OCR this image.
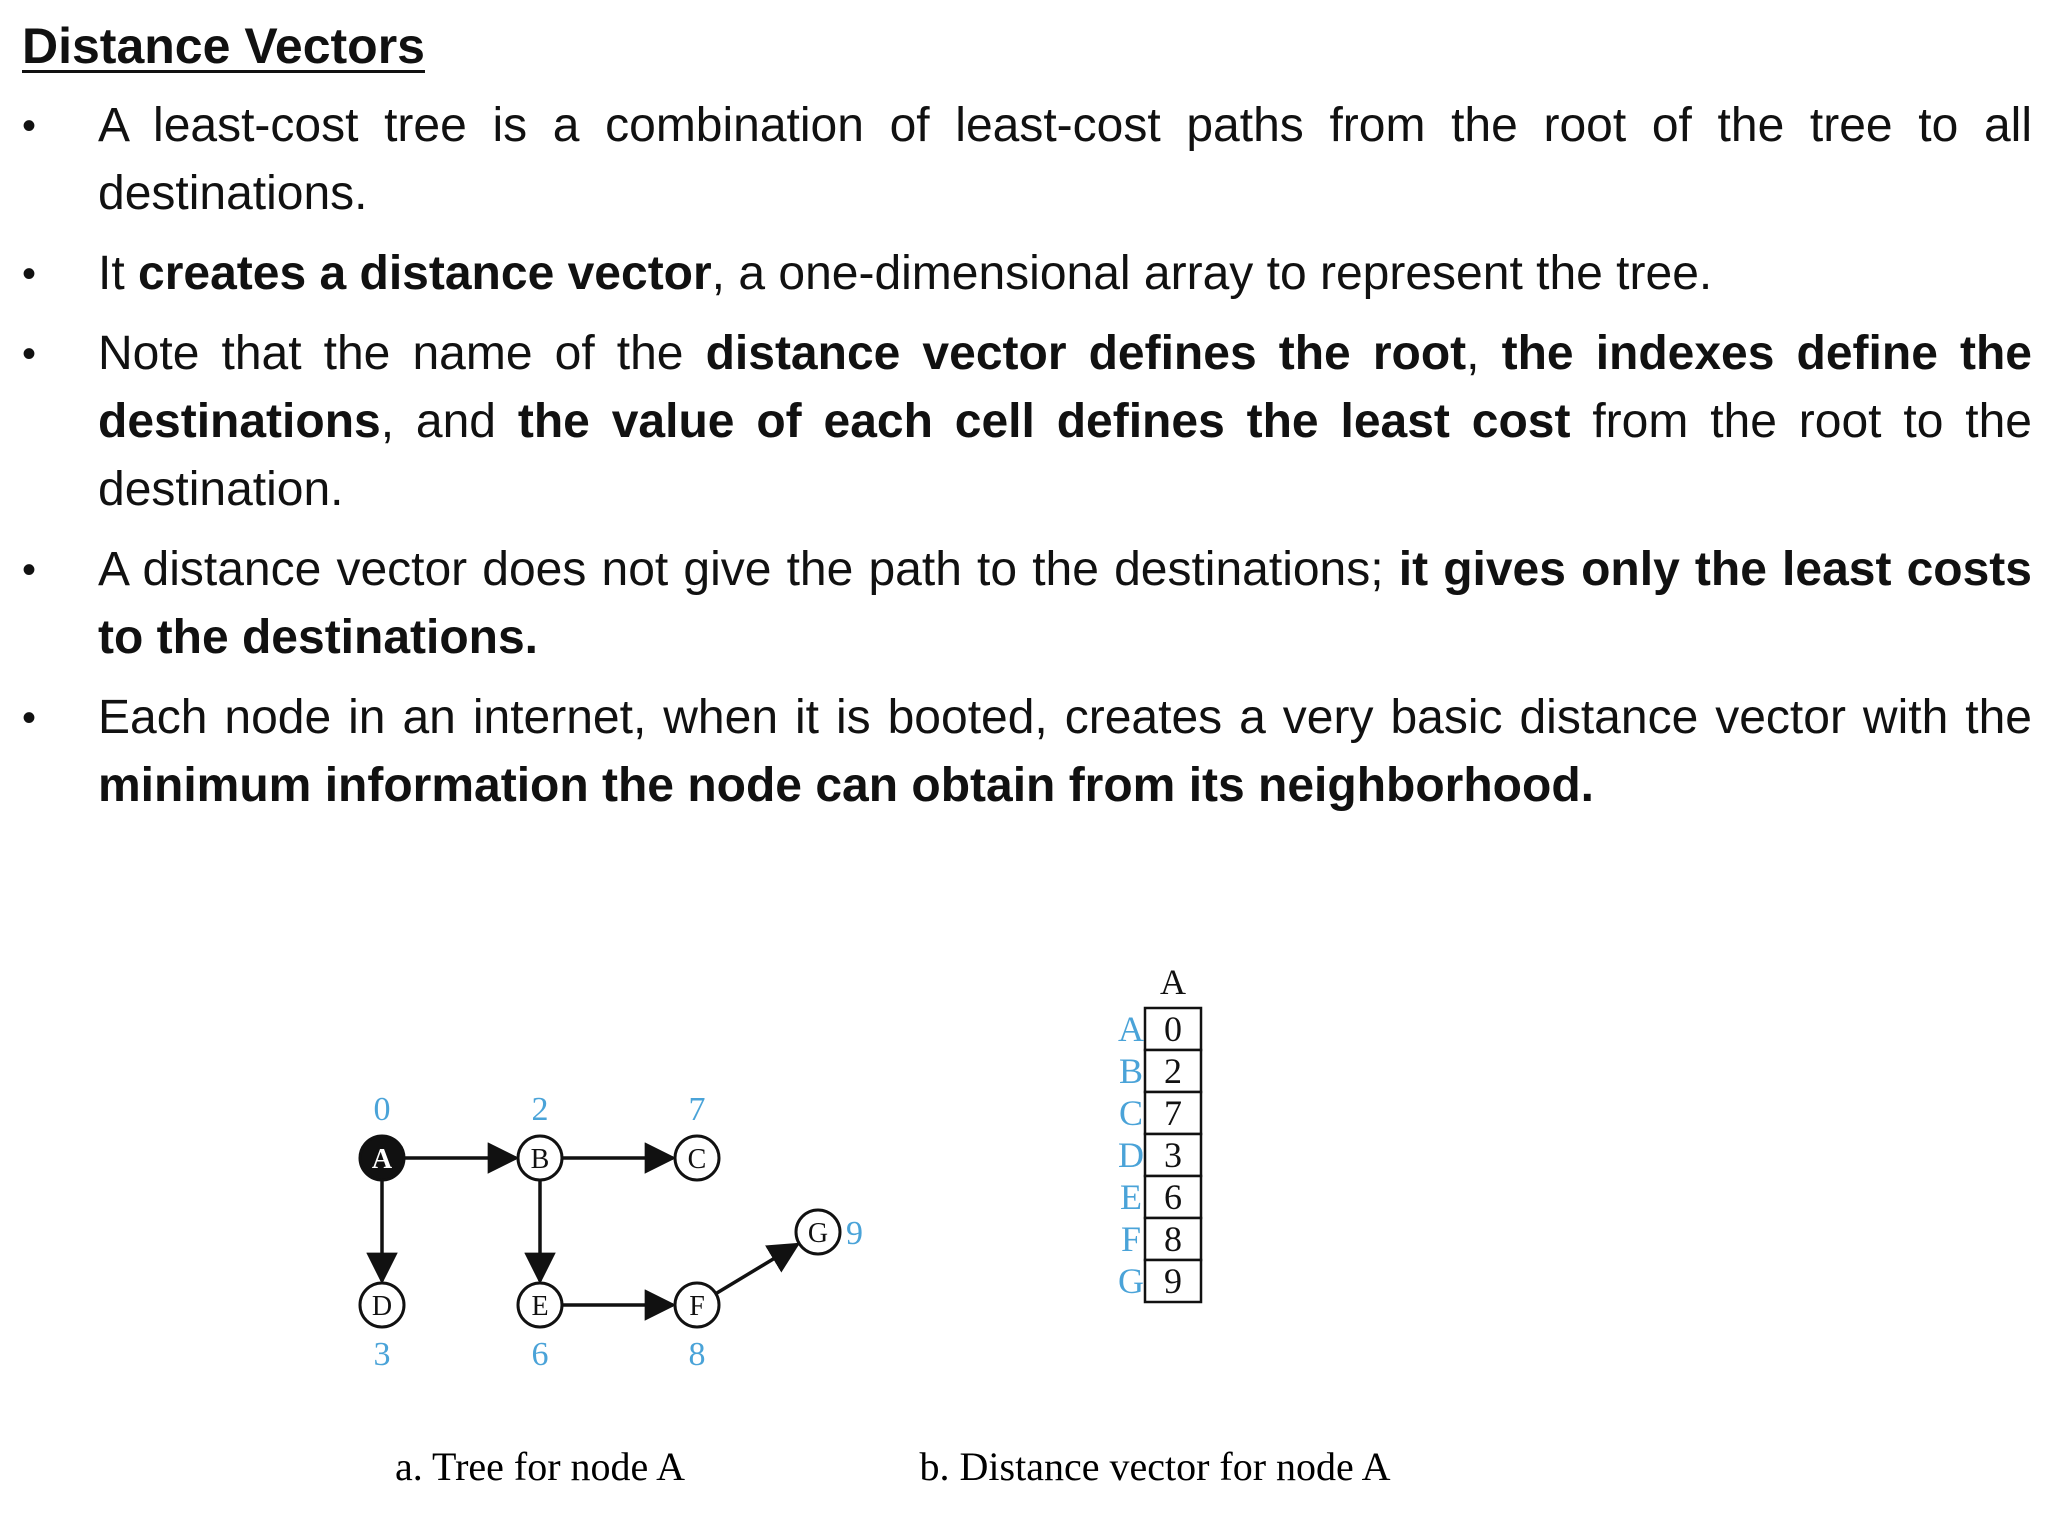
Distance Vectors
• A least-cost tree is a combination of least-cost paths from the root of the tree to all destinations.
• It creates a distance vector, a one-dimensional array to represent the tree.
• Note that the name of the distance vector defines the root, the indexes define the destinations, and the value of each cell defines the least cost from the root to the destination.
• A distance vector does not give the path to the destinations; it gives only the least costs to the destinations.
• Each node in an internet, when it is booted, creates a very basic distance vector with the minimum information the node can obtain from its neighborhood.
A
0
B
2
C
7
D
3
E
6
F
8
G 9
A
A 0
B 2
C 7
D 3
E 6
F 8
G 9
a. Tree for node A	b. Distance vector for node A
